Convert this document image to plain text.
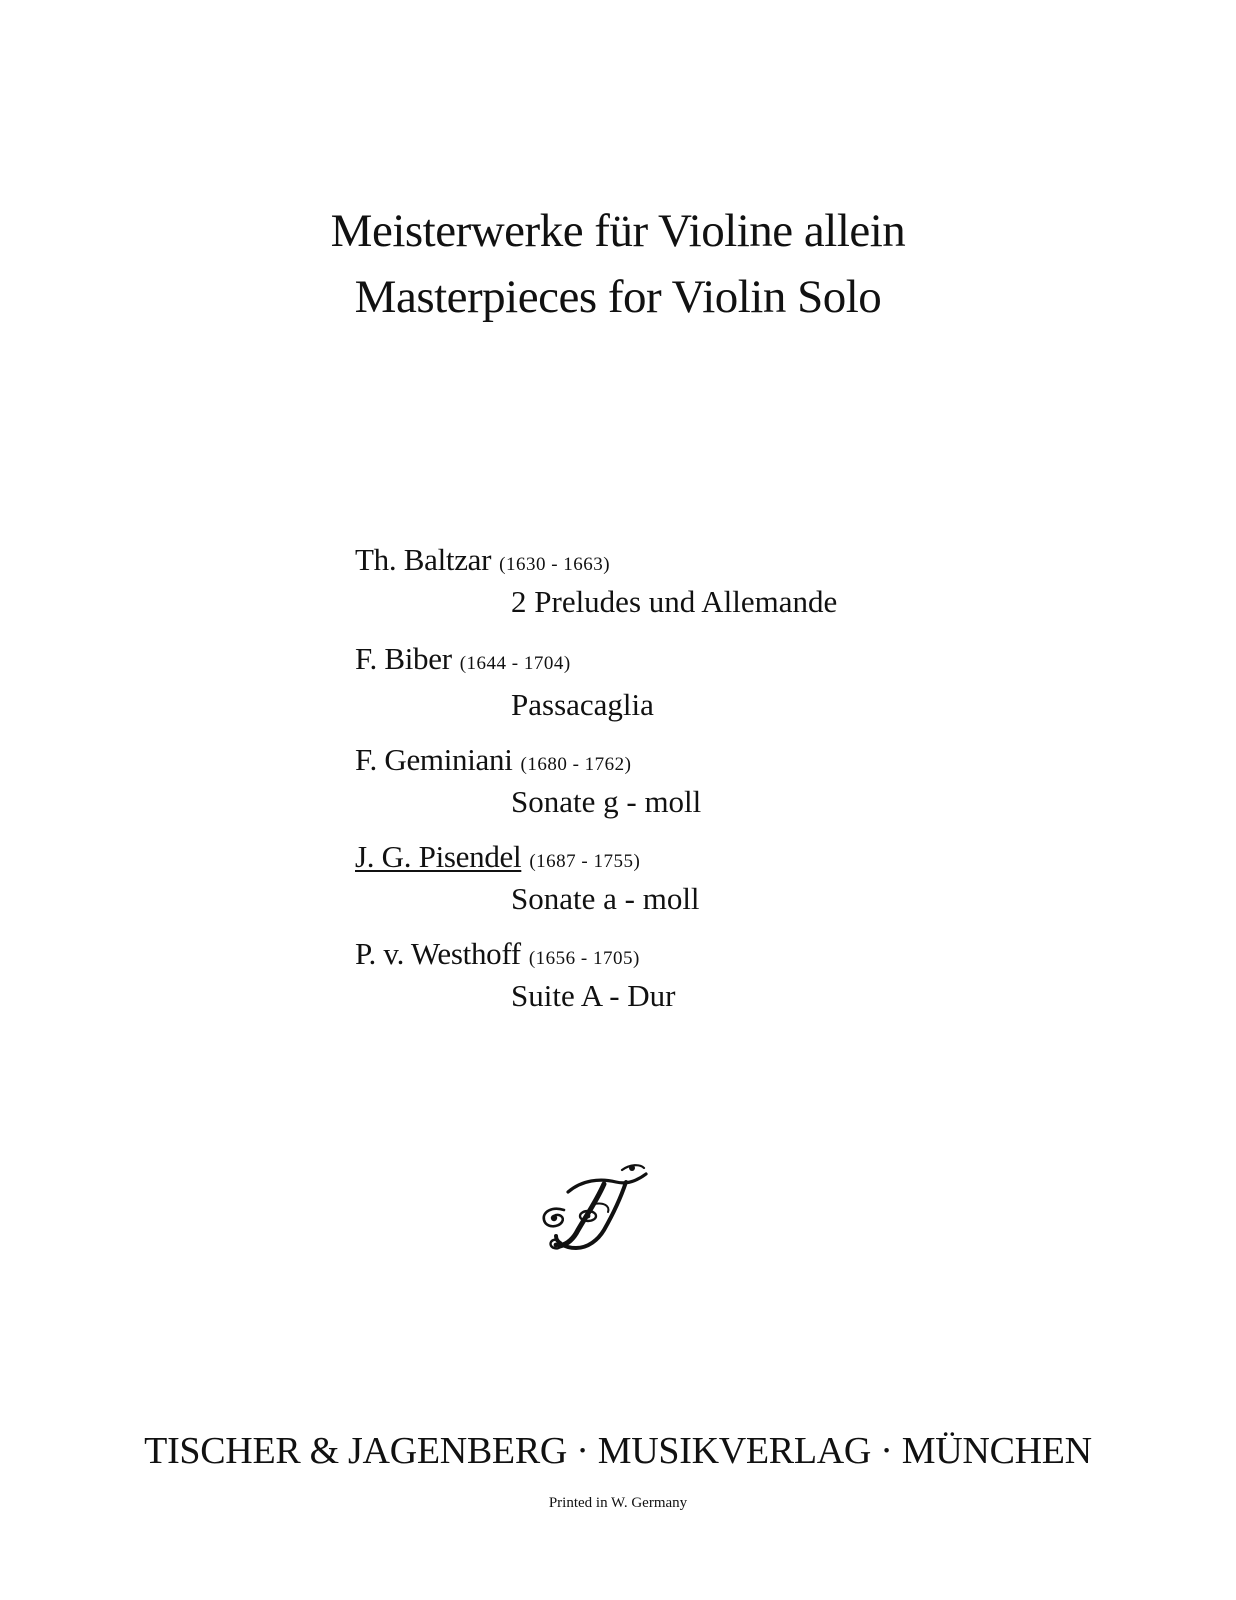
Meisterwerke für Violine allein
Masterpieces for Violin Solo
Th. Baltzar (1630 - 1663)
2 Preludes und Allemande
F. Biber (1644 - 1704)
Passacaglia
F. Geminiani (1680 - 1762)
Sonate g - moll
J. G. Pisendel (1687 - 1755)
Sonate a - moll
P. v. Westhoff (1656 - 1705)
Suite A - Dur
TISCHER & JAGENBERG · MUSIKVERLAG · MÜNCHEN
Printed in W. Germany
